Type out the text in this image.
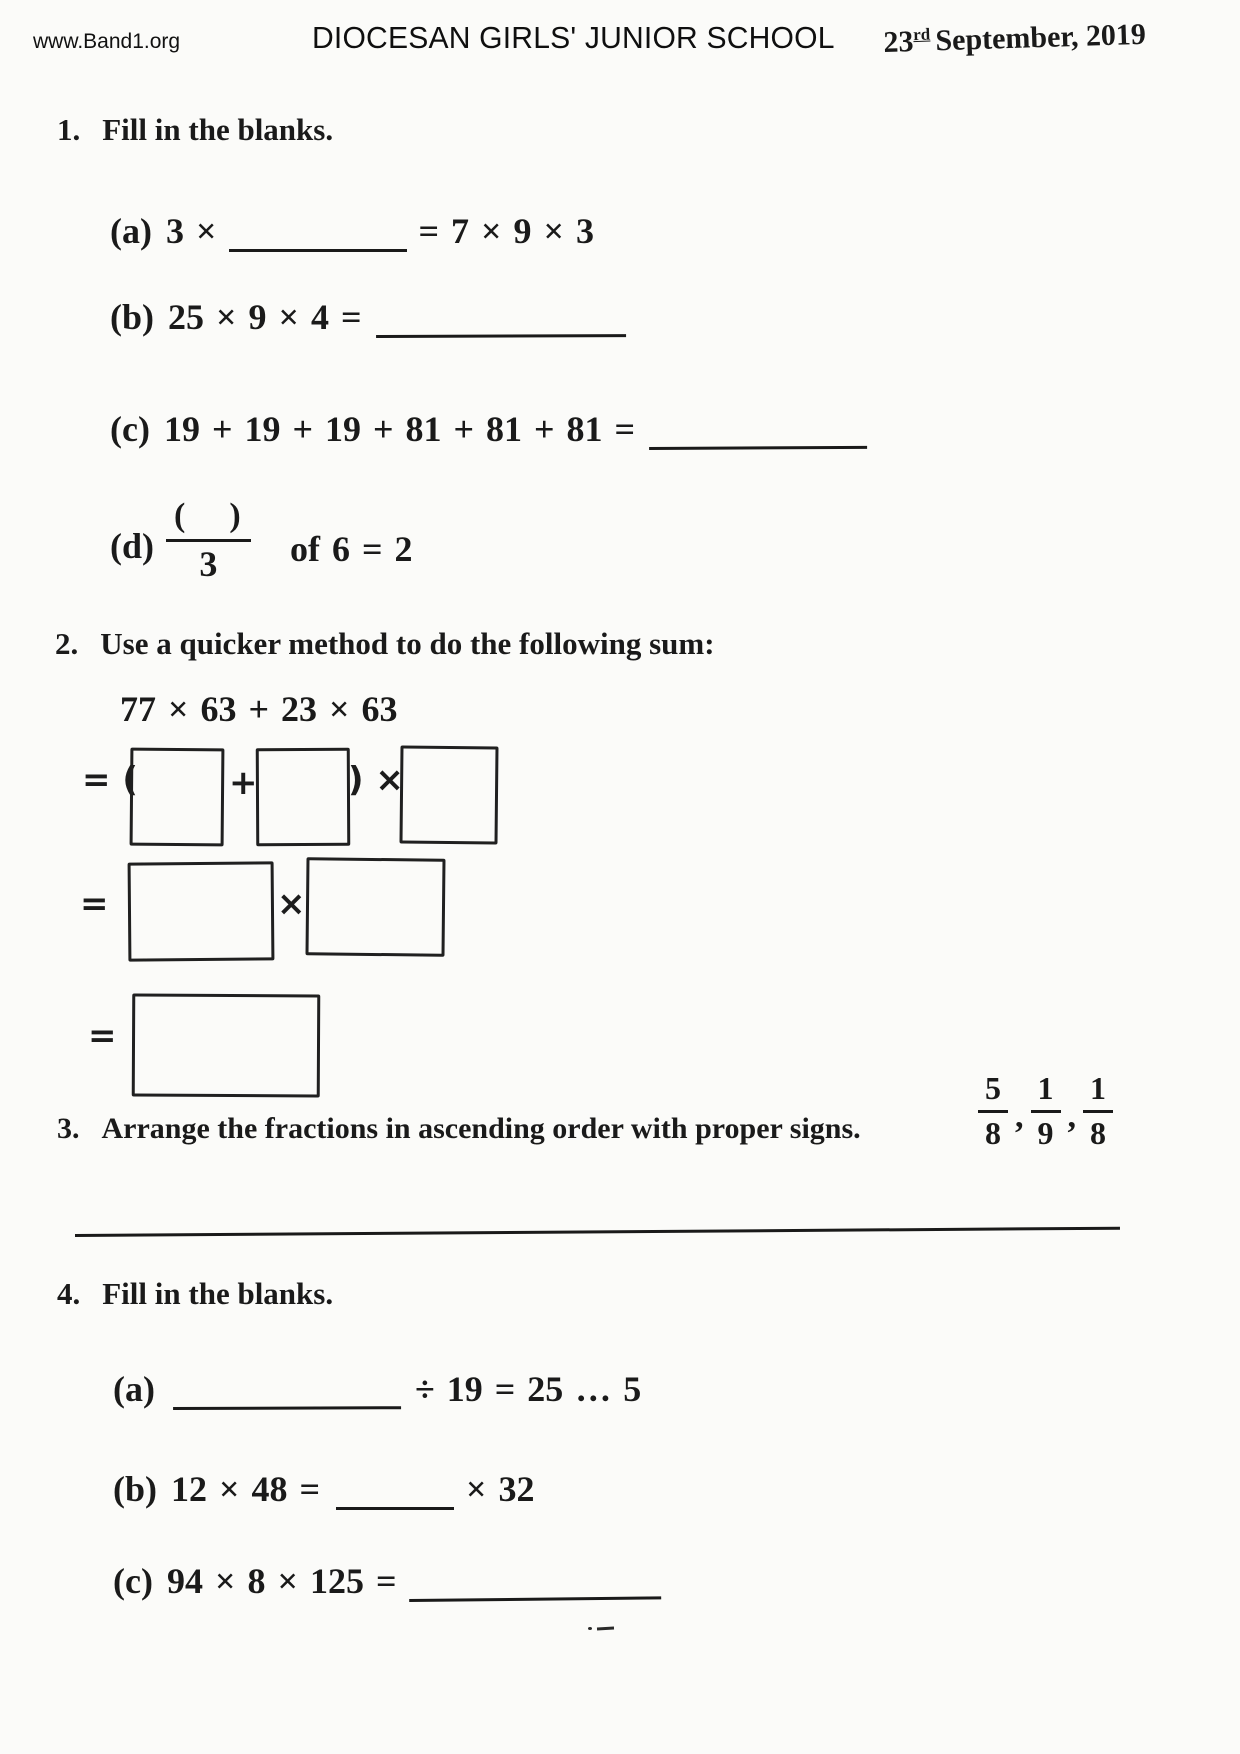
www.Band1.org	DIOCESAN GIRLS' JUNIOR SCHOOL 23rd September, 2019
1. Fill in the blanks.
(a) 3 ×	= 7 × 9 × 3
(b) 25 × 9 × 4 =
(c) 19 + 19 + 19 + 81 + 81 + 81 =
(d)
(    )
3 of 6 = 2
2. Use a quicker method to do the following sum:
77 × 63 + 23 × 63
= (	+	) ×
=	×
=
3. Arrange the fractions in ascending order with proper signs.	$\frac{5}{8}$ , $\frac{1}{9}$ , $\frac{1}{8}$
4. Fill in the blanks.
(a)	÷ 19 = 25 … 5
(b) 12 × 48 =	× 32
(c) 94 × 8 × 125 =
